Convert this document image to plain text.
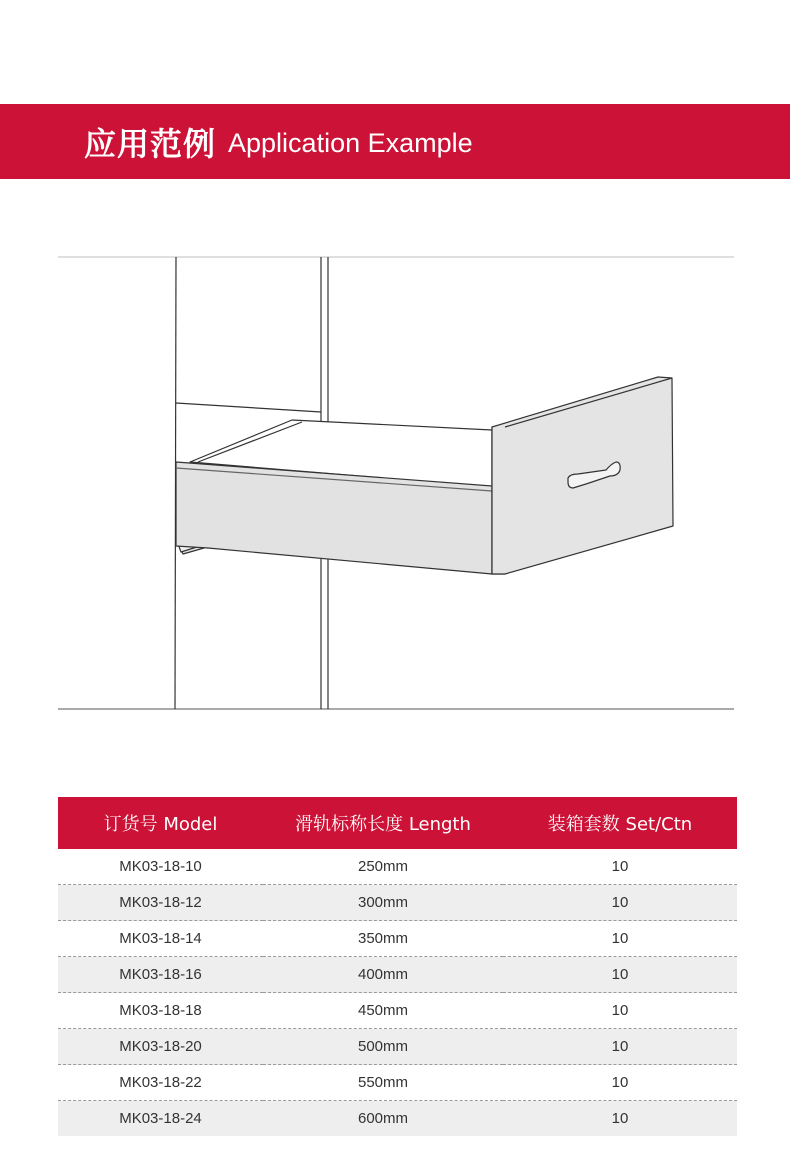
应用范例 Application Example
订货号 Model	滑轨标称长度 Length	装箱套数 Set/Ctn
MK03-18-10	250mm	10
MK03-18-12	300mm	10
MK03-18-14	350mm	10
MK03-18-16	400mm	10
MK03-18-18	450mm	10
MK03-18-20	500mm	10
MK03-18-22	550mm	10
MK03-18-24	600mm	10
